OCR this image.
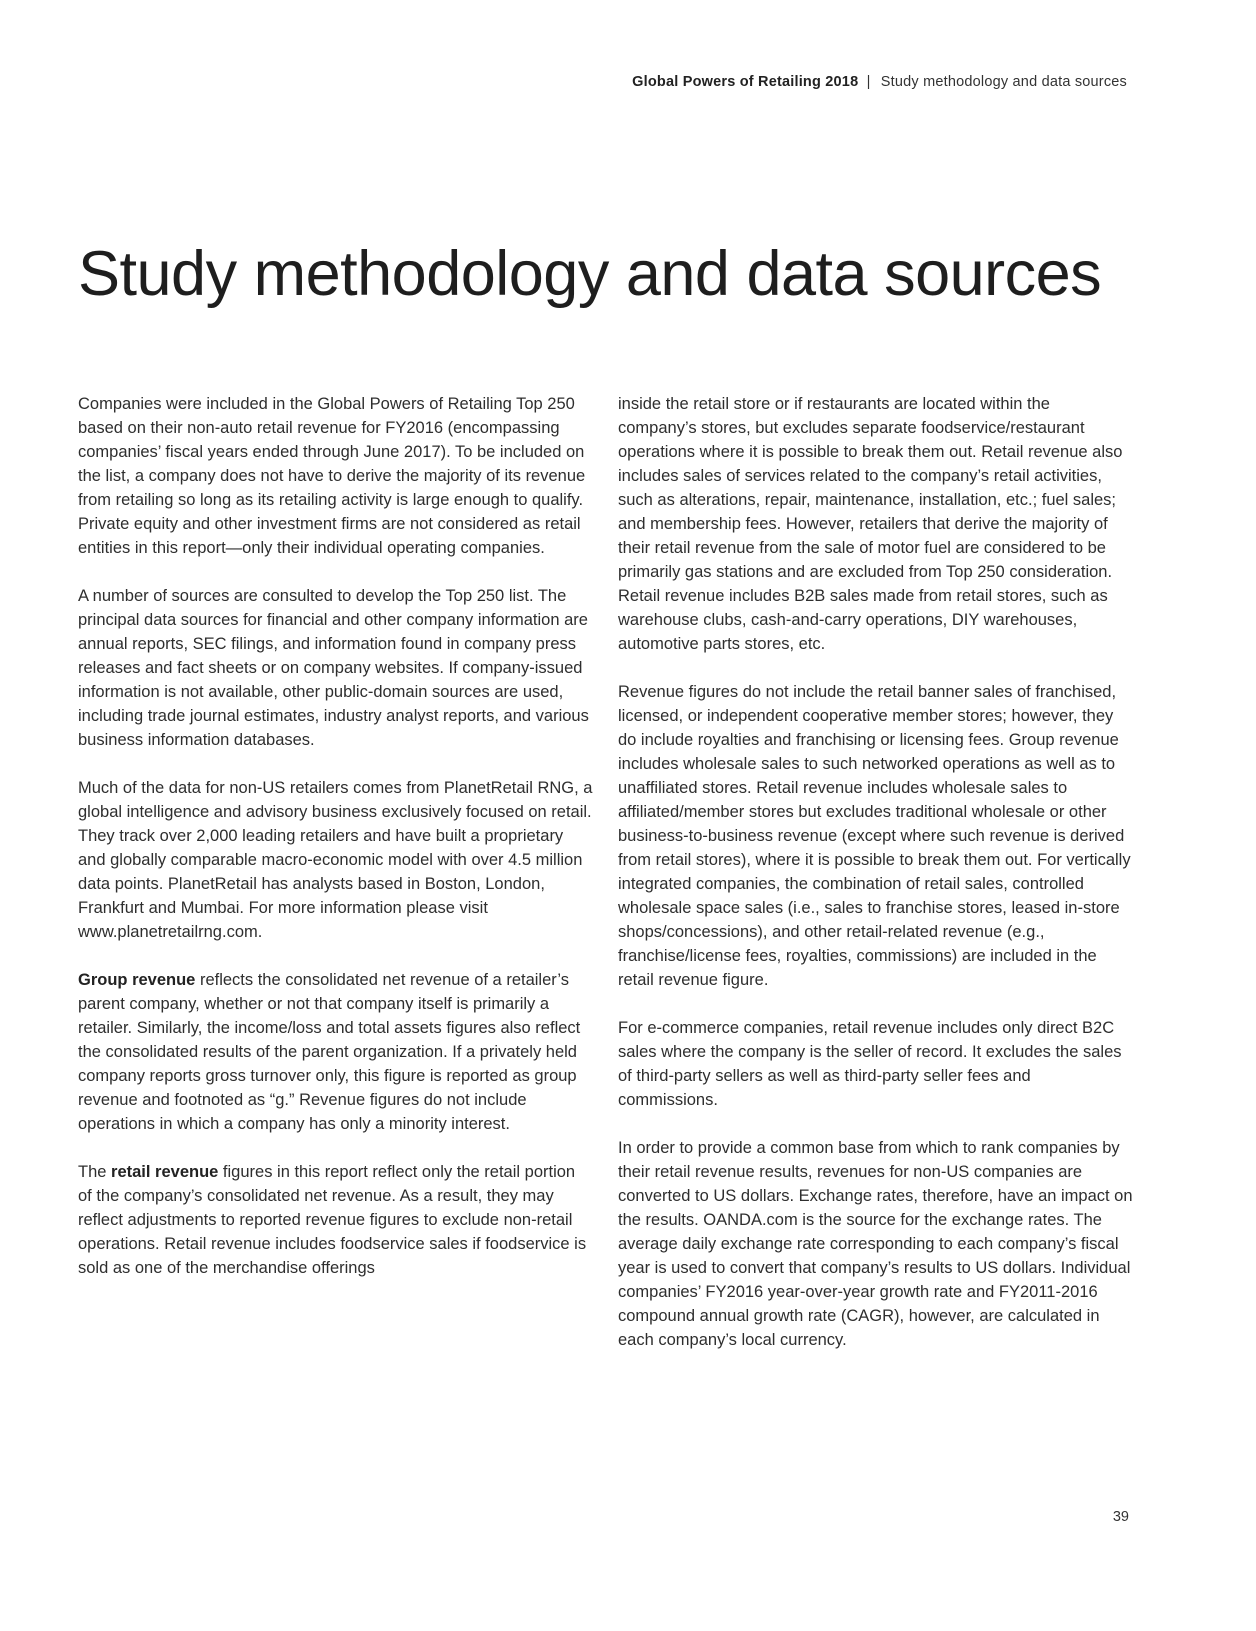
Global Powers of Retailing 2018 | Study methodology and data sources
Study methodology and data sources

Companies were included in the Global Powers of Retailing Top 250 based on their non-auto retail revenue for FY2016 (encompassing companies’ fiscal years ended through June 2017). To be included on the list, a company does not have to derive the majority of its revenue from retailing so long as its retailing activity is large enough to qualify. Private equity and other investment firms are not considered as retail entities in this report—only their individual operating companies.

A number of sources are consulted to develop the Top 250 list. The principal data sources for financial and other company information are annual reports, SEC filings, and information found in company press releases and fact sheets or on company websites. If company-issued information is not available, other public-domain sources are used, including trade journal estimates, industry analyst reports, and various business information databases.

Much of the data for non-US retailers comes from PlanetRetail RNG, a global intelligence and advisory business exclusively focused on retail. They track over 2,000 leading retailers and have built a proprietary and globally comparable macro-economic model with over 4.5 million data points. PlanetRetail has analysts based in Boston, London, Frankfurt and Mumbai. For more information please visit www.planetretailrng.com.

Group revenue reflects the consolidated net revenue of a retailer’s parent company, whether or not that company itself is primarily a retailer. Similarly, the income/loss and total assets figures also reflect the consolidated results of the parent organization. If a privately held company reports gross turnover only, this figure is reported as group revenue and footnoted as “g.” Revenue figures do not include operations in which a company has only a minority interest.

The retail revenue figures in this report reflect only the retail portion of the company’s consolidated net revenue. As a result, they may reflect adjustments to reported revenue figures to exclude non-retail operations. Retail revenue includes foodservice sales if foodservice is sold as one of the merchandise offerings

inside the retail store or if restaurants are located within the company’s stores, but excludes separate foodservice/restaurant operations where it is possible to break them out. Retail revenue also includes sales of services related to the company’s retail activities, such as alterations, repair, maintenance, installation, etc.; fuel sales; and membership fees. However, retailers that derive the majority of their retail revenue from the sale of motor fuel are considered to be primarily gas stations and are excluded from Top 250 consideration. Retail revenue includes B2B sales made from retail stores, such as warehouse clubs, cash-and-carry operations, DIY warehouses, automotive parts stores, etc.

Revenue figures do not include the retail banner sales of franchised, licensed, or independent cooperative member stores; however, they do include royalties and franchising or licensing fees. Group revenue includes wholesale sales to such networked operations as well as to unaffiliated stores. Retail revenue includes wholesale sales to affiliated/member stores but excludes traditional wholesale or other business-to-business revenue (except where such revenue is derived from retail stores), where it is possible to break them out. For vertically integrated companies, the combination of retail sales, controlled wholesale space sales (i.e., sales to franchise stores, leased in-store shops/concessions), and other retail-related revenue (e.g., franchise/license fees, royalties, commissions) are included in the retail revenue figure.

For e-commerce companies, retail revenue includes only direct B2C sales where the company is the seller of record. It excludes the sales of third-party sellers as well as third-party seller fees and commissions.

In order to provide a common base from which to rank companies by their retail revenue results, revenues for non-US companies are converted to US dollars. Exchange rates, therefore, have an impact on the results. OANDA.com is the source for the exchange rates. The average daily exchange rate corresponding to each company’s fiscal year is used to convert that company’s results to US dollars. Individual companies’ FY2016 year-over-year growth rate and FY2011-2016 compound annual growth rate (CAGR), however, are calculated in each company’s local currency.

39
